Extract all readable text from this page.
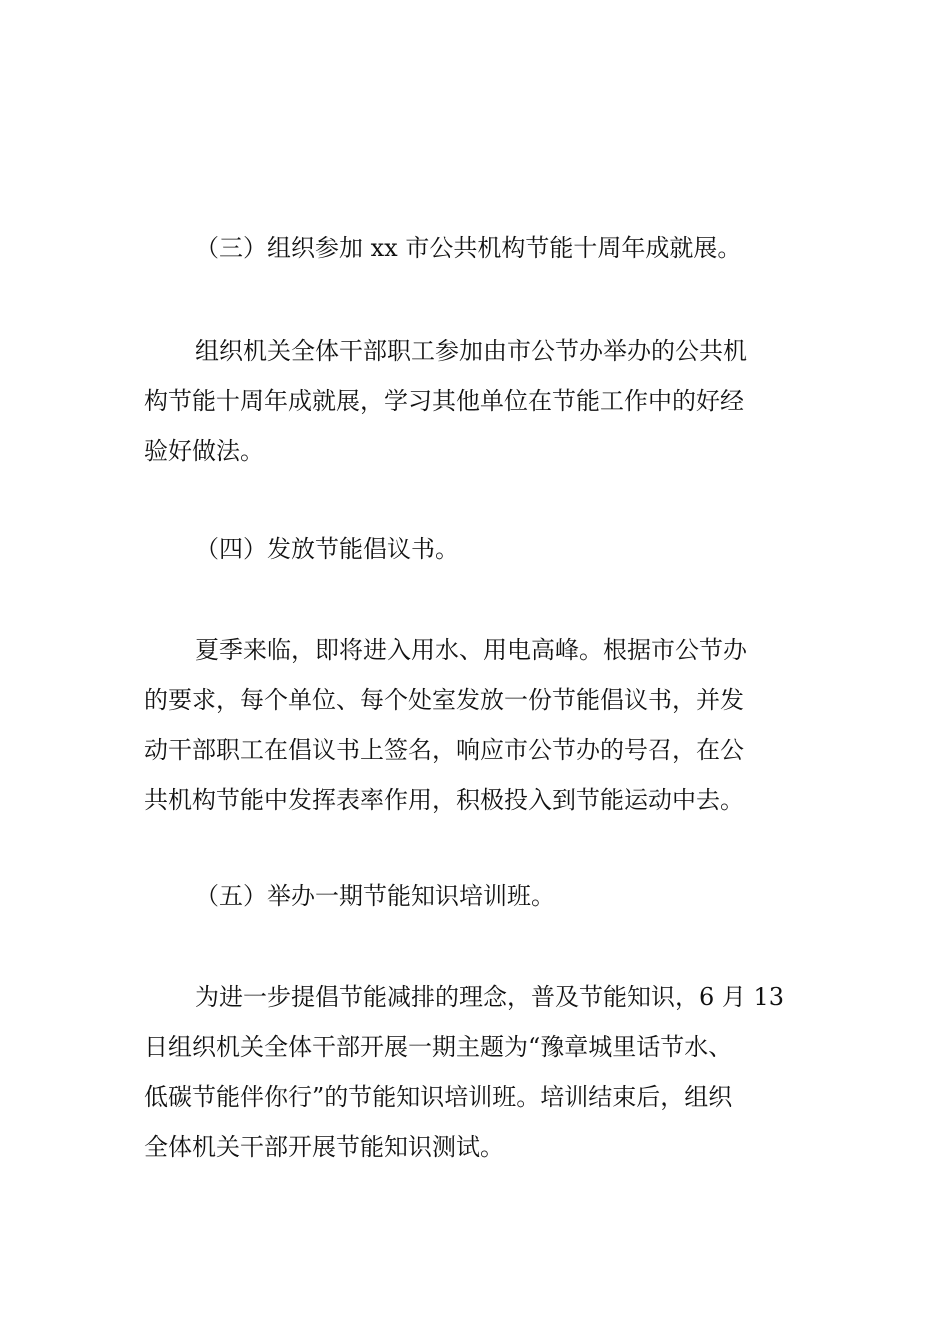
（三）组织参加 xx 市公共机构节能十周年成就展。
组织机关全体干部职工参加由市公节办举办的公共机
构节能十周年成就展，学习其他单位在节能工作中的好经
验好做法。
（四）发放节能倡议书。
夏季来临，即将进入用水、用电高峰。根据市公节办
的要求，每个单位、每个处室发放一份节能倡议书，并发
动干部职工在倡议书上签名，响应市公节办的号召，在公
共机构节能中发挥表率作用，积极投入到节能运动中去。
（五）举办一期节能知识培训班。
为进一步提倡节能减排的理念，普及节能知识，6 月 13
日组织机关全体干部开展一期主题为“豫章城里话节水、
低碳节能伴你行”的节能知识培训班。培训结束后，组织
全体机关干部开展节能知识测试。
